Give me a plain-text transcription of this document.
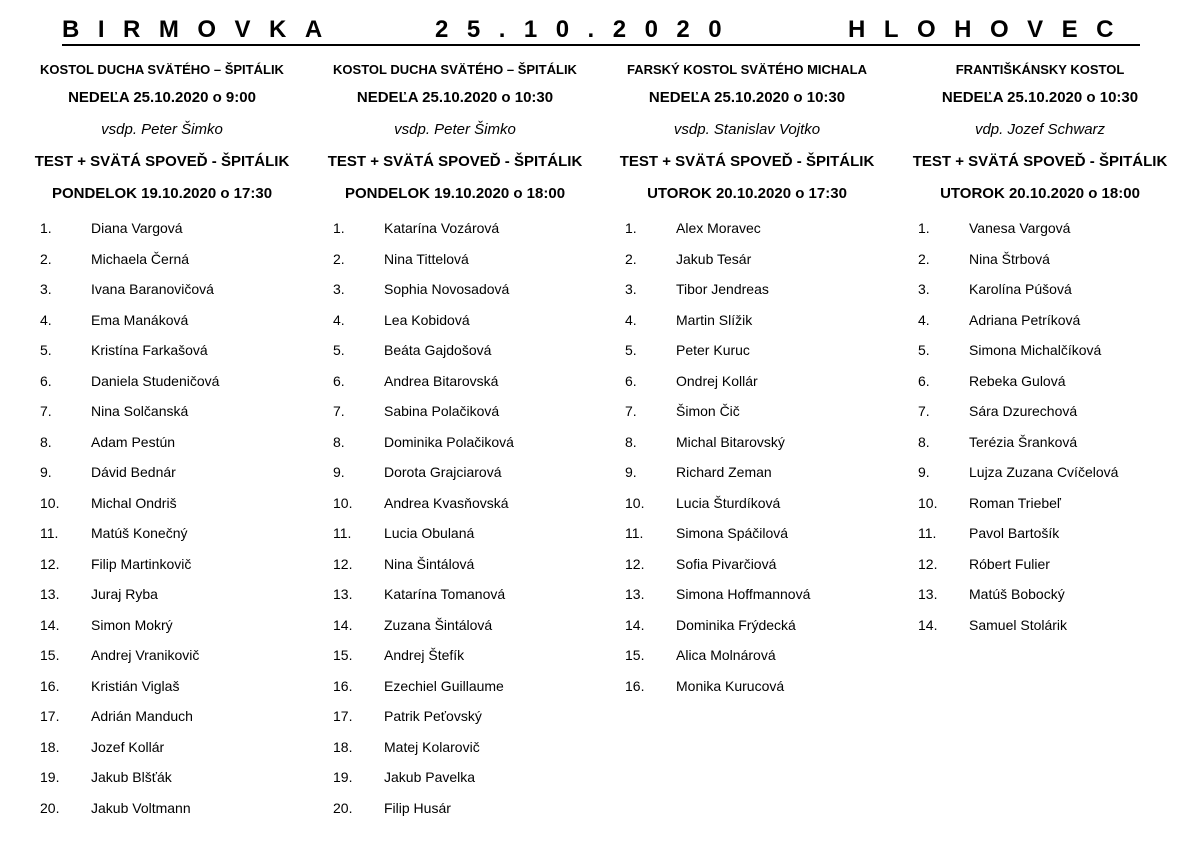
BIRMOVKA	25.10.2020	HLOHOVEC
KOSTOL DUCHA SVÄTÉHO – ŠPITÁLIK
NEDEĽA 25.10.2020 o 9:00
vsdp. Peter Šimko
TEST + SVÄTÁ SPOVEĎ - ŠPITÁLIK
PONDELOK 19.10.2020 o 17:30
1.	Diana Vargová
2.	Michaela Černá
3.	Ivana Baranovičová
4.	Ema Manáková
5.	Kristína Farkašová
6.	Daniela Studeničová
7.	Nina Solčanská
8.	Adam Pestún
9.	Dávid Bednár
10. Michal Ondriš
11. Matúš Konečný
12. Filip Martinkovič
13. Juraj Ryba
14. Simon Mokrý
15. Andrej Vranikovič
16. Kristián Viglaš
17. Adrián Manduch
18. Jozef Kollár
19. Jakub Blšťák
20. Jakub Voltmann
KOSTOL DUCHA SVÄTÉHO – ŠPITÁLIK
NEDEĽA 25.10.2020 o 10:30
vsdp. Peter Šimko
TEST + SVÄTÁ SPOVEĎ - ŠPITÁLIK
PONDELOK 19.10.2020 o 18:00
1.	Katarína Vozárová
2.	Nina Tittelová
3.	Sophia Novosadová
4.	Lea Kobidová
5.	Beáta Gajdošová
6.	Andrea Bitarovská
7.	Sabina Polačiková
8.	Dominika Polačiková
9.	Dorota Grajciarová
10. Andrea Kvasňovská
11. Lucia Obulaná
12. Nina Šintálová
13. Katarína Tomanová
14. Zuzana Šintálová
15. Andrej Štefík
16. Ezechiel Guillaume
17. Patrik Peťovský
18. Matej Kolarovič
19. Jakub Pavelka
20. Filip Husár
FARSKÝ KOSTOL SVÄTÉHO MICHALA
NEDEĽA 25.10.2020 o 10:30
vsdp. Stanislav Vojtko
TEST + SVÄTÁ SPOVEĎ - ŠPITÁLIK
UTOROK 20.10.2020 o 17:30
1.	Alex Moravec
2.	Jakub Tesár
3.	Tibor Jendreas
4.	Martin Slížik
5.	Peter Kuruc
6.	Ondrej Kollár
7.	Šimon Čič
8.	Michal Bitarovský
9.	Richard Zeman
10. Lucia Šturdíková
11. Simona Spáčilová
12. Sofia Pivarčiová
13. Simona Hoffmannová
14. Dominika Frýdecká
15. Alica Molnárová
16. Monika Kurucová
FRANTIŠKÁNSKY KOSTOL
NEDEĽA 25.10.2020 o 10:30
vdp. Jozef Schwarz
TEST + SVÄTÁ SPOVEĎ - ŠPITÁLIK
UTOROK 20.10.2020 o 18:00
1.	Vanesa Vargová
2.	Nina Štrbová
3.	Karolína Púšová
4.	Adriana Petríková
5.	Simona Michalčíková
6.	Rebeka Gulová
7.	Sára Dzurechová
8.	Terézia Šranková
9.	Lujza Zuzana Cvíčelová
10. Roman Triebeľ
11. Pavol Bartošík
12. Róbert Fulier
13. Matúš Bobocký
14. Samuel Stolárik
